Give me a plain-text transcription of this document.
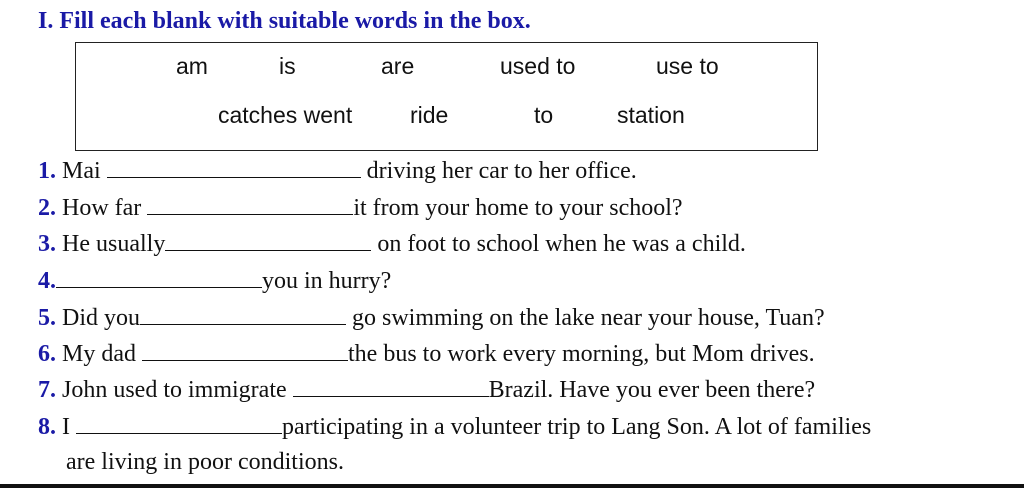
I. Fill each blank with suitable words in the box.
am	is	are	used to	use to
catches went	ride	to	station
1. Mai	driving her car to her office.
2. How far	it from your home to your school?
3. He usually	on foot to school when he was a child.
4.	you in hurry?
5. Did you	go swimming on the lake near your house, Tuan?
6. My dad	the bus to work every morning, but Mom drives.
7. John used to immigrate	Brazil. Have you ever been there?
8. I	participating in a volunteer trip to Lang Son. A lot of families
are living in poor conditions.
